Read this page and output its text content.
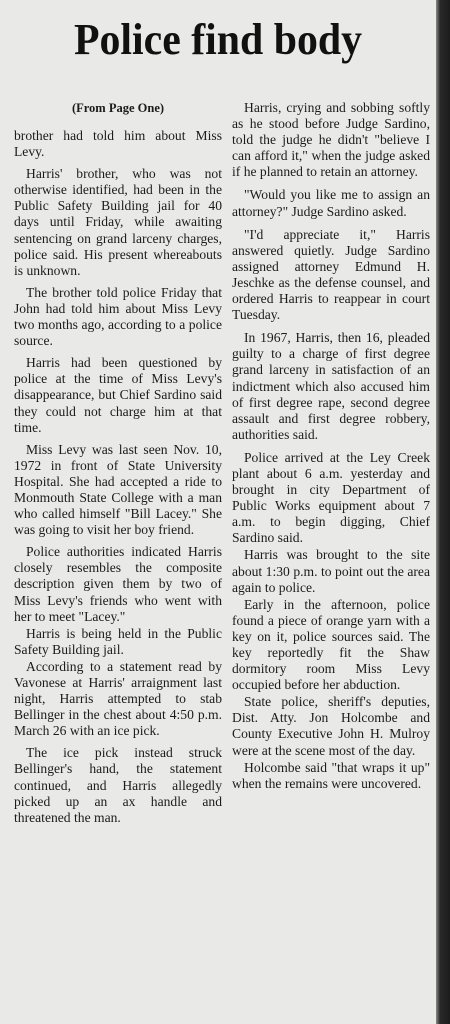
Police find body
(From Page One)

brother had told him about Miss Levy.

Harris' brother, who was not otherwise identified, had been in the Public Safety Building jail for 40 days until Friday, while awaiting sentencing on grand larceny charges, police said. His present whereabouts is unknown.

The brother told police Friday that John had told him about Miss Levy two months ago, according to a police source.

Harris had been questioned by police at the time of Miss Levy's disappearance, but Chief Sardino said they could not charge him at that time.

Miss Levy was last seen Nov. 10, 1972 in front of State University Hospital. She had accepted a ride to Monmouth State College with a man who called himself "Bill Lacey." She was going to visit her boy friend.

Police authorities indicated Harris closely resembles the composite description given them by two of Miss Levy's friends who went with her to meet "Lacey."

Harris is being held in the Public Safety Building jail.

According to a statement read by Vavonese at Harris' arraignment last night, Harris attempted to stab Bellinger in the chest about 4:50 p.m. March 26 with an ice pick.

The ice pick instead struck Bellinger's hand, the statement continued, and Harris allegedly picked up an ax handle and threatened the man.

Harris, crying and sobbing softly as he stood before Judge Sardino, told the judge he didn't "believe I can afford it," when the judge asked if he planned to retain an attorney.

"Would you like me to assign an attorney?" Judge Sardino asked.

"I'd appreciate it," Harris answered quietly. Judge Sardino assigned attorney Edmund H. Jeschke as the defense counsel, and ordered Harris to reappear in court Tuesday.

In 1967, Harris, then 16, pleaded guilty to a charge of first degree grand larceny in satisfaction of an indictment which also accused him of first degree rape, second degree assault and first degree robbery, authorities said.

Police arrived at the Ley Creek plant about 6 a.m. yesterday and brought in city Department of Public Works equipment about 7 a.m. to begin digging, Chief Sardino said.

Harris was brought to the site about 1:30 p.m. to point out the area again to police.

Early in the afternoon, police found a piece of orange yarn with a key on it, police sources said. The key reportedly fit the Shaw dormitory room Miss Levy occupied before her abduction.

State police, sheriff's deputies, Dist. Atty. Jon Holcombe and County Executive John H. Mulroy were at the scene most of the day.

Holcombe said "that wraps it up" when the remains were uncovered.
